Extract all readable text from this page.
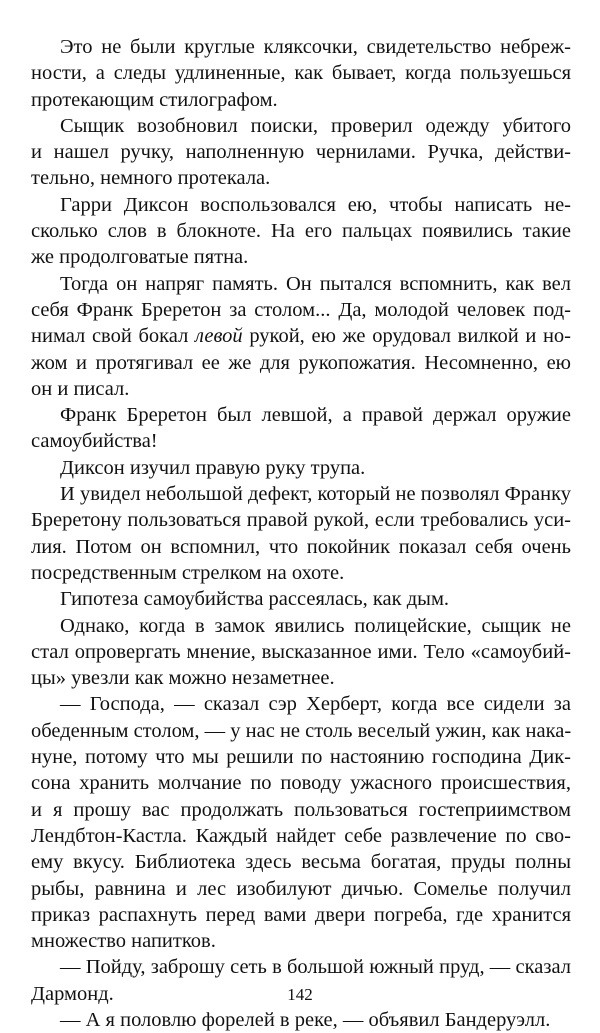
Это не были круглые кляксочки, свидетельство небреж-
ности, а следы удлиненные, как бывает, когда пользуешься
протекающим стилографом.

Сыщик возобновил поиски, проверил одежду убитого
и нашел ручку, наполненную чернилами. Ручка, действи-
тельно, немного протекала.

Гарри Диксон воспользовался ею, чтобы написать не-
сколько слов в блокноте. На его пальцах появились такие
же продолговатые пятна.

Тогда он напряг память. Он пытался вспомнить, как вел
себя Франк Бреретон за столом... Да, молодой человек под-
нимал свой бокал левой рукой, ею же орудовал вилкой и но-
жом и протягивал ее же для рукопожатия. Несомненно, ею
он и писал.

Франк Бреретон был левшой, а правой держал оружие
самоубийства!

Диксон изучил правую руку трупа.

И увидел небольшой дефект, который не позволял Франку
Бреретону пользоваться правой рукой, если требовались уси-
лия. Потом он вспомнил, что покойник показал себя очень
посредственным стрелком на охоте.

Гипотеза самоубийства рассеялась, как дым.

Однако, когда в замок явились полицейские, сыщик не
стал опровергать мнение, высказанное ими. Тело «самоубий-
цы» увезли как можно незаметнее.

— Господа, — сказал сэр Херберт, когда все сидели за
обеденным столом, — у нас не столь веселый ужин, как нака-
нуне, потому что мы решили по настоянию господина Дик-
сона хранить молчание по поводу ужасного происшествия,
и я прошу вас продолжать пользоваться гостеприимством
Лендбтон-Кастла. Каждый найдет себе развлечение по сво-
ему вкусу. Библиотека здесь весьма богатая, пруды полны
рыбы, равнина и лес изобилуют дичью. Сомелье получил
приказ распахнуть перед вами двери погреба, где хранится
множество напитков.

— Пойду, заброшу сеть в большой южный пруд, — сказал
Дармонд.

— А я половлю форелей в реке, — объявил Бандеруэлл.

142
